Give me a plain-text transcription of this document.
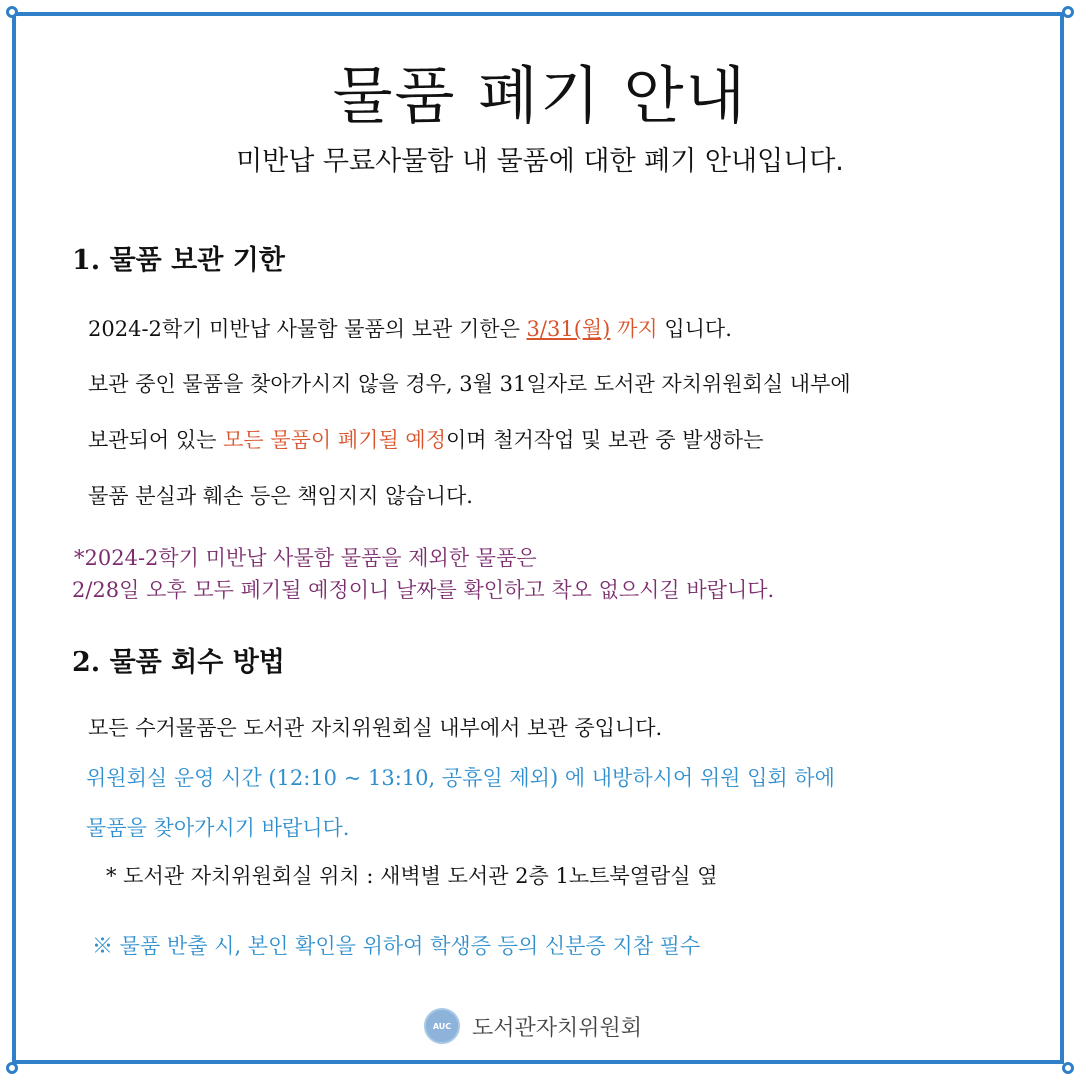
물품 폐기 안내

미반납 무료사물함 내 물품에 대한 폐기 안내입니다.

1. 물품 보관 기한

2024-2학기 미반납 사물함 물품의 보관 기한은 3/31(월) 까지 입니다.

보관 중인 물품을 찾아가시지 않을 경우, 3월 31일자로 도서관 자치위원회실 내부에

보관되어 있는 모든 물품이 폐기될 예정이며 철거작업 및 보관 중 발생하는

물품 분실과 훼손 등은 책임지지 않습니다.

*2024-2학기 미반납 사물함 물품을 제외한 물품은

2/28일 오후 모두 폐기될 예정이니 날짜를 확인하고 착오 없으시길 바랍니다.

2. 물품 회수 방법

모든 수거물품은 도서관 자치위원회실 내부에서 보관 중입니다.

위원회실 운영 시간 (12:10 ~ 13:10, 공휴일 제외) 에 내방하시어 위원 입회 하에

물품을 찾아가시기 바랍니다.

* 도서관 자치위원회실 위치 : 새벽별 도서관 2층 1노트북열람실 옆

※ 물품 반출 시, 본인 확인을 위하여 학생증 등의 신분증 지참 필수

AUC 도서관자치위원회
